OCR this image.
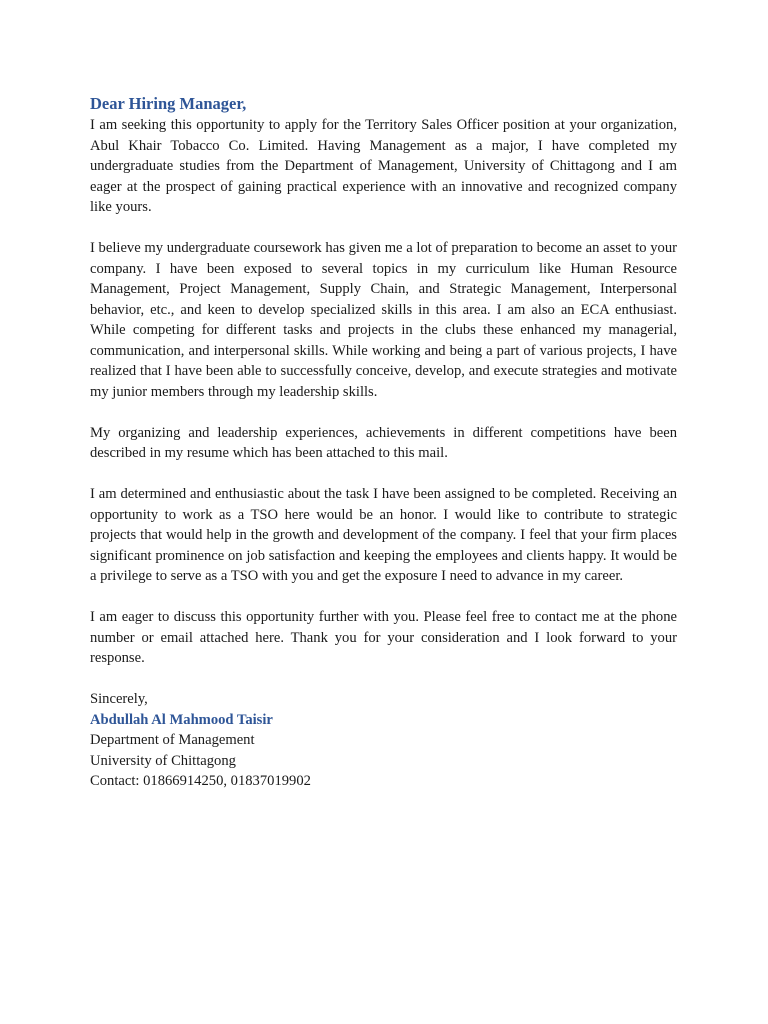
Dear Hiring Manager,

I am seeking this opportunity to apply for the Territory Sales Officer position at your organization, Abul Khair Tobacco Co. Limited. Having Management as a major, I have completed my undergraduate studies from the Department of Management, University of Chittagong and I am eager at the prospect of gaining practical experience with an innovative and recognized company like yours.

I believe my undergraduate coursework has given me a lot of preparation to become an asset to your company. I have been exposed to several topics in my curriculum like Human Resource Management, Project Management, Supply Chain, and Strategic Management, Interpersonal behavior, etc., and keen to develop specialized skills in this area. I am also an ECA enthusiast. While competing for different tasks and projects in the clubs these enhanced my managerial, communication, and interpersonal skills. While working and being a part of various projects, I have realized that I have been able to successfully conceive, develop, and execute strategies and motivate my junior members through my leadership skills.

My organizing and leadership experiences, achievements in different competitions have been described in my resume which has been attached to this mail.

I am determined and enthusiastic about the task I have been assigned to be completed. Receiving an opportunity to work as a TSO here would be an honor. I would like to contribute to strategic projects that would help in the growth and development of the company. I feel that your firm places significant prominence on job satisfaction and keeping the employees and clients happy. It would be a privilege to serve as a TSO with you and get the exposure I need to advance in my career.

I am eager to discuss this opportunity further with you. Please feel free to contact me at the phone number or email attached here. Thank you for your consideration and I look forward to your response.

Sincerely,
Abdullah Al Mahmood Taisir
Department of Management
University of Chittagong
Contact: 01866914250, 01837019902
